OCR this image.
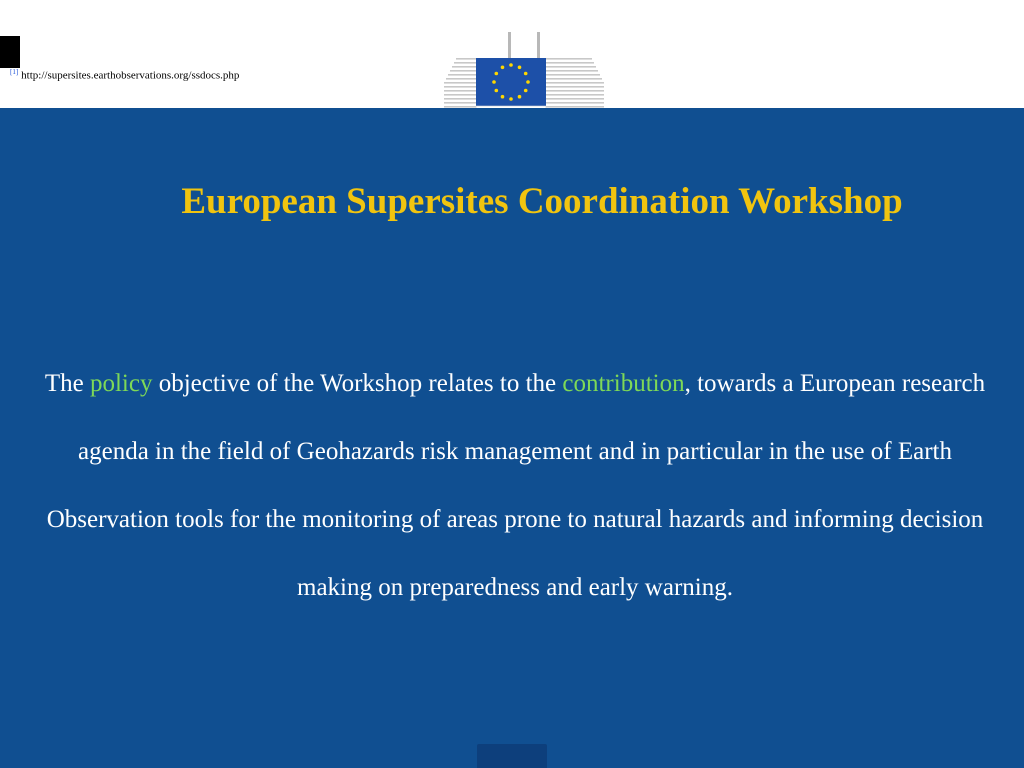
[1] http://supersites.earthobservations.org/ssdocs.php
European Supersites Coordination Workshop
The policy objective of the Workshop relates to the contribution, towards a European research agenda in the field of Geohazards risk management and in particular in the use of Earth Observation tools for the monitoring of areas prone to natural hazards and informing decision making on preparedness and early warning.
